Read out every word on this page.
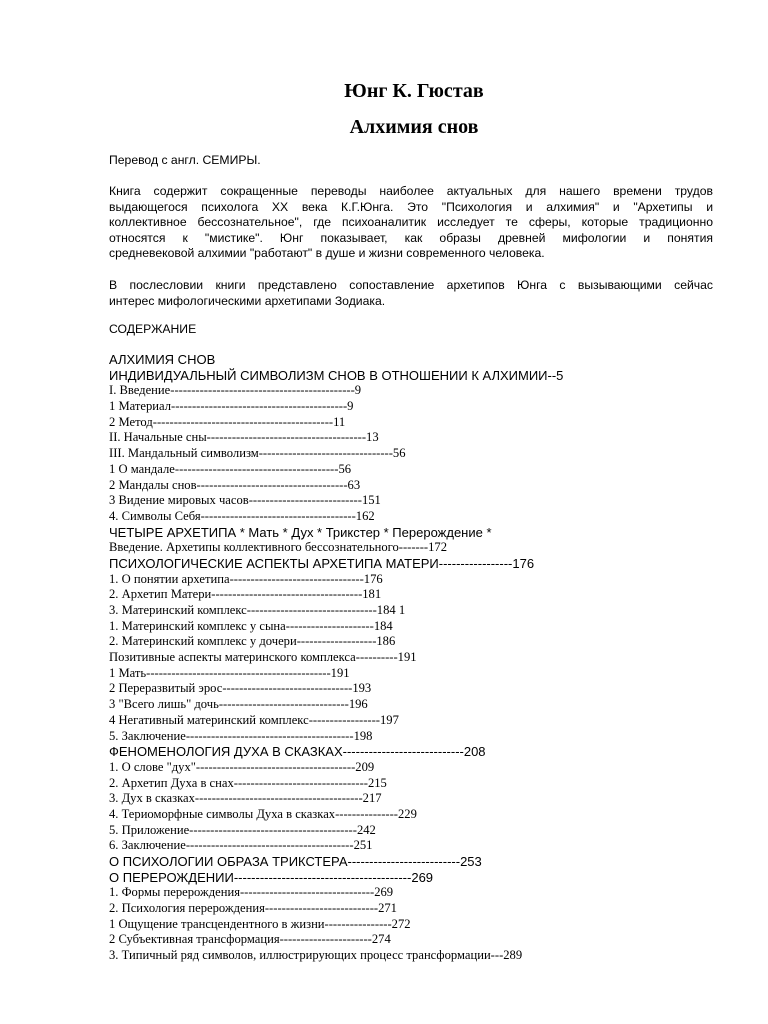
Юнг К. Гюстав
Алхимия снов
Перевод с англ. СЕМИРЫ.
Книга содержит сокращенные переводы наиболее актуальных для нашего времени трудов
выдающегося психолога XX века К.Г.Юнга. Это "Психология и алхимия" и "Архетипы и
коллективное бессознательное", где психоаналитик исследует те сферы, которые традиционно
относятся к "мистике". Юнг показывает, как образы древней мифологии и понятия
средневековой алхимии "работают" в душе и жизни современного человека.
В послесловии книги представлено сопоставление архетипов Юнга с вызывающими сейчас
интерес мифологическими архетипами Зодиака.
СОДЕРЖАНИЕ
АЛХИМИЯ СНОВ
ИНДИВИДУАЛЬНЫЙ СИМВОЛИЗМ СНОВ В ОТНОШЕНИИ К АЛХИМИИ--5
I. Введение--------------------------------------------9
1 Материал------------------------------------------9
2 Метод-------------------------------------------11
II. Начальные сны--------------------------------------13
III. Мандальный символизм--------------------------------56
1 О мандале---------------------------------------56
2 Мандалы снов------------------------------------63
3 Видение мировых часов---------------------------151
4. Символы Себя-------------------------------------162
ЧЕТЫРЕ АРХЕТИПА * Мать * Дух * Трикстер * Перерождение *
Введение. Архетипы коллективного бессознательного-------172
ПСИХОЛОГИЧЕСКИЕ АСПЕКТЫ АРХЕТИПА МАТЕРИ-----------------176
1. О понятии архетипа--------------------------------176
2. Архетип Матери------------------------------------181
3. Материнский комплекс-------------------------------184 1
1. Материнский комплекс у сына---------------------184
2. Материнский комплекс у дочери-------------------186
Позитивные аспекты материнского комплекса----------191
1 Мать--------------------------------------------191
2 Переразвитый эрос-------------------------------193
3 "Всего лишь" дочь-------------------------------196
4 Негативный материнский комплекс-----------------197
5. Заключение----------------------------------------198
ФЕНОМЕНОЛОГИЯ ДУХА В СКАЗКАХ----------------------------208
1. О слове "дух"--------------------------------------209
2. Архетип Духа в снах--------------------------------215
3. Дух в сказках----------------------------------------217
4. Териоморфные символы Духа в сказках---------------229
5. Приложение----------------------------------------242
6. Заключение----------------------------------------251
О ПСИХОЛОГИИ ОБРАЗА ТРИКСТЕРА--------------------------253
О ПЕРЕРОЖДЕНИИ-----------------------------------------269
1. Формы перерождения--------------------------------269
2. Психология перерождения---------------------------271
1 Ощущение трансцендентного в жизни----------------272
2 Субъективная трансформация----------------------274
3. Типичный ряд символов, иллюстрирующих процесс трансформации---289
